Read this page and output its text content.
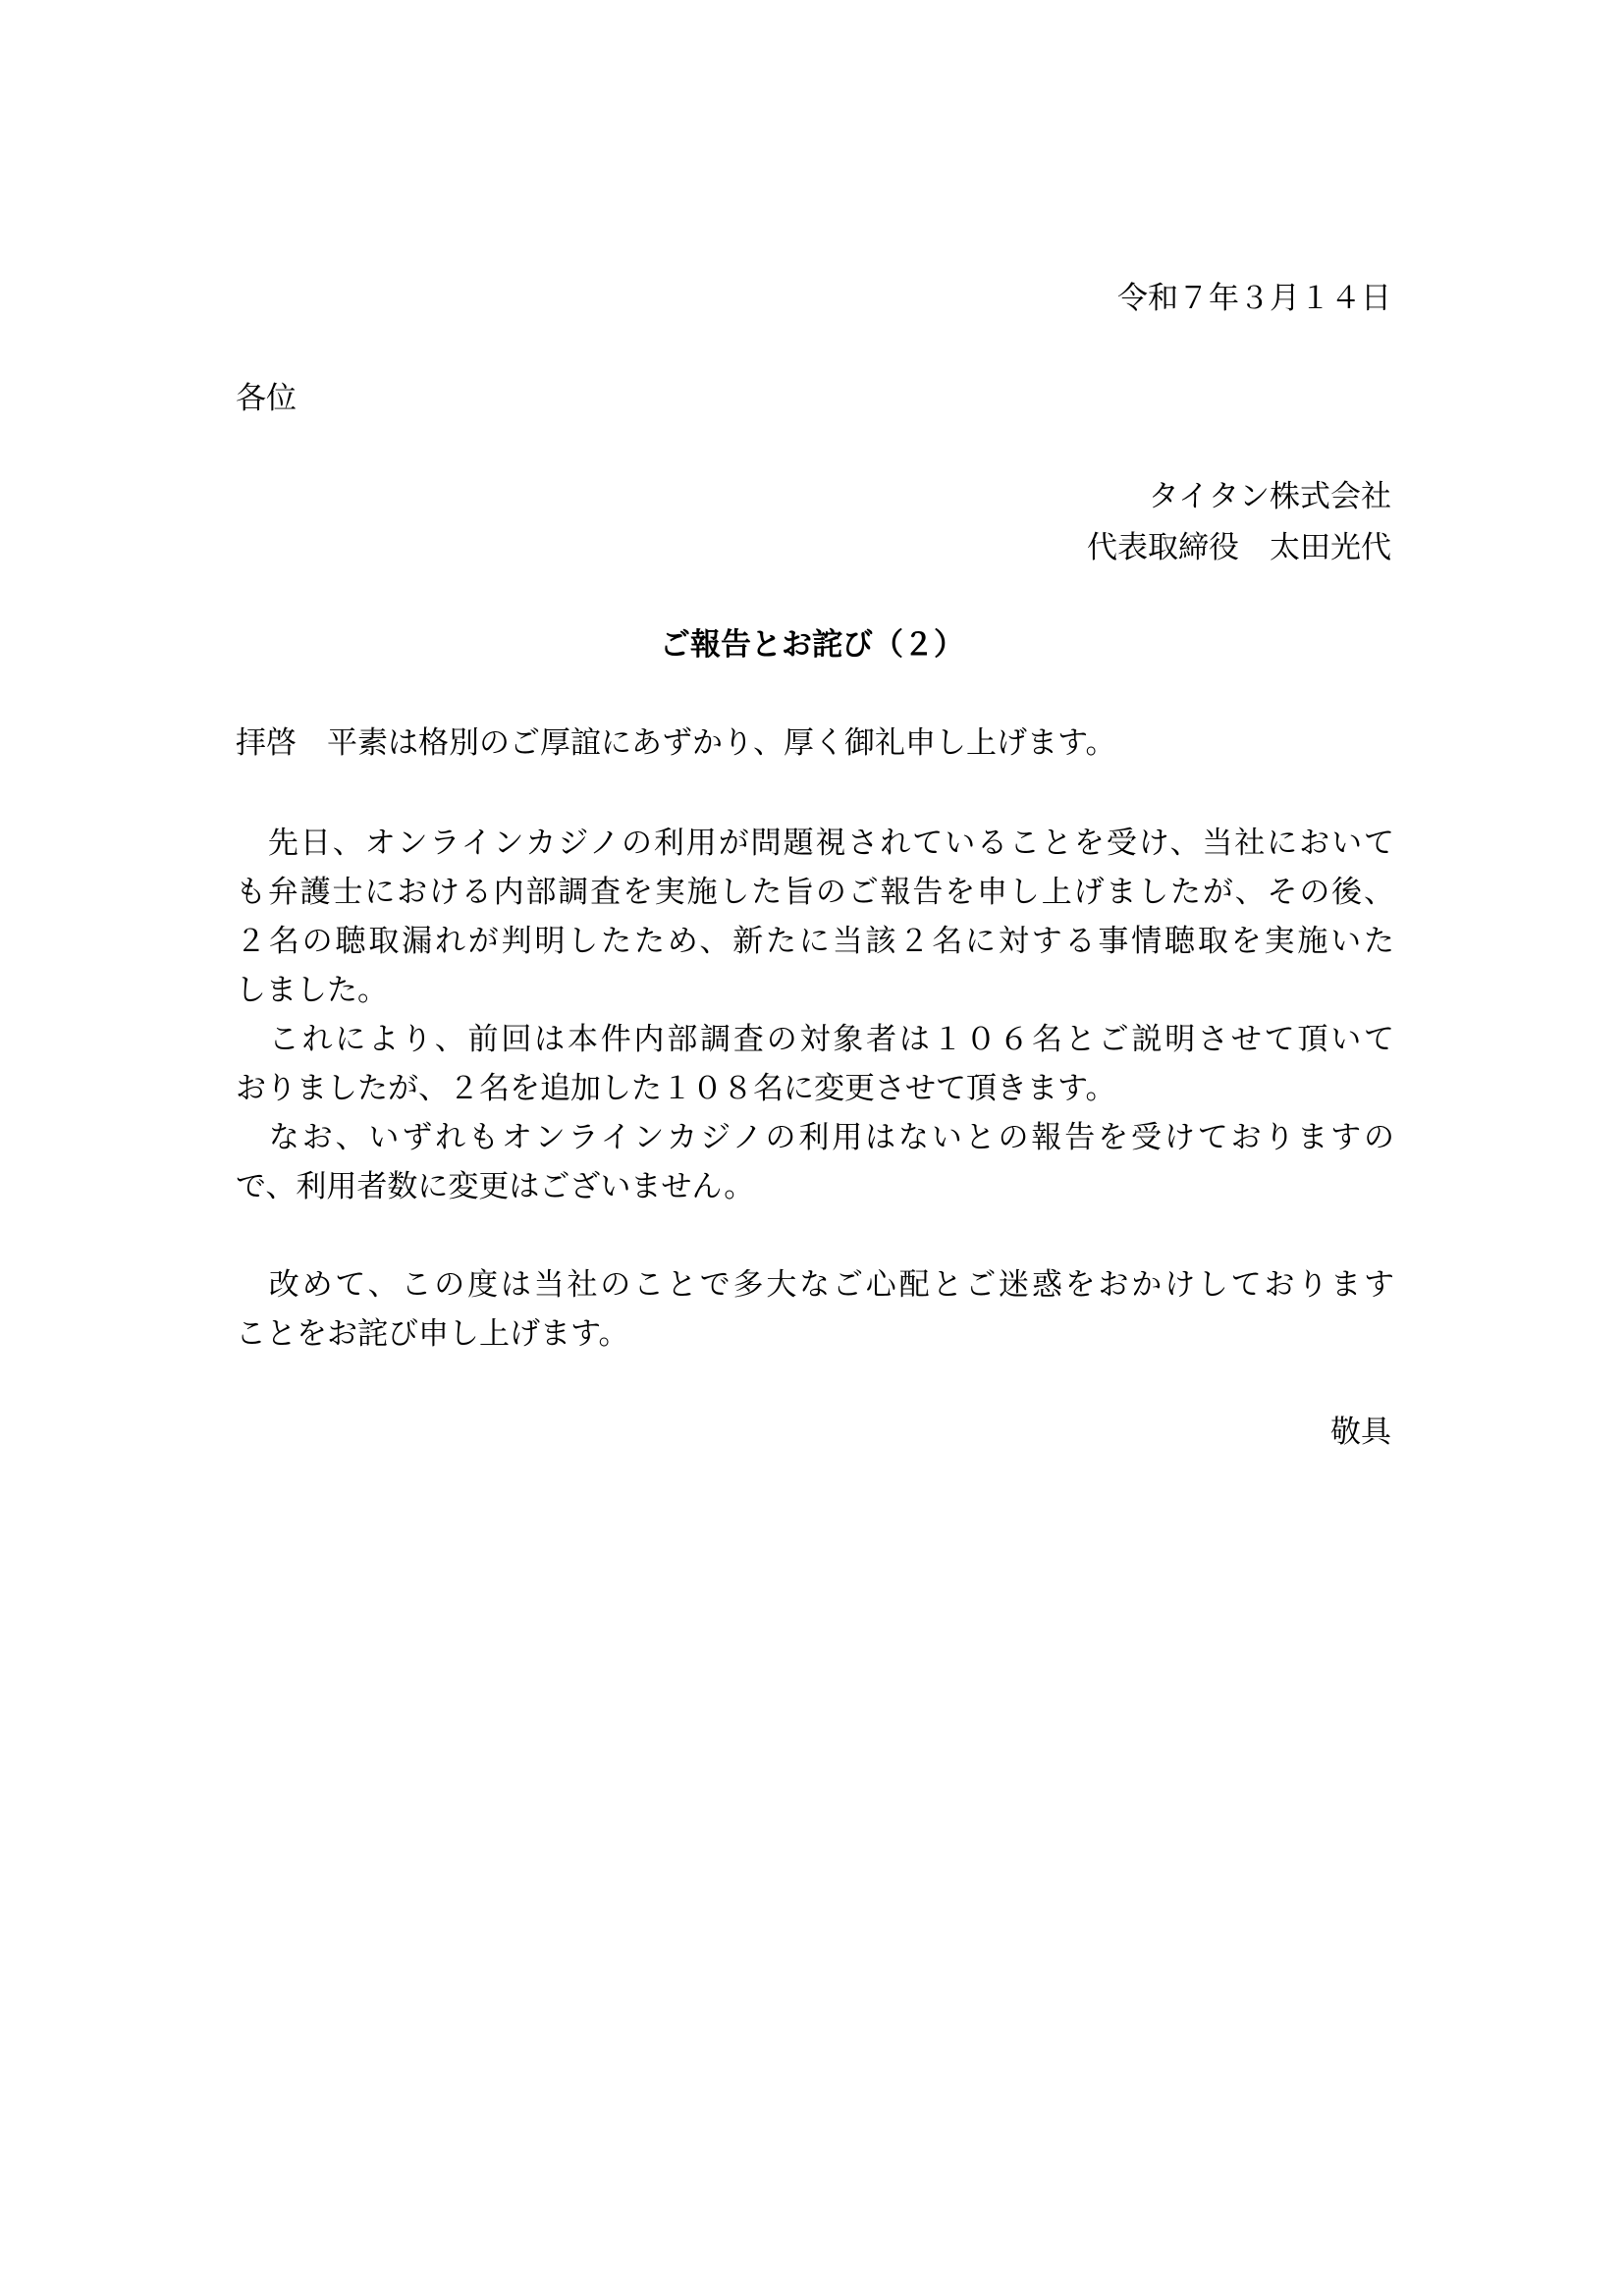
令和７年３月１４日

各位

タイタン株式会社

代表取締役　太田光代

ご報告とお詫び（２）

拝啓　平素は格別のご厚誼にあずかり、厚く御礼申し上げます。

　先日、オンラインカジノの利用が問題視されていることを受け、当社において

も弁護士における内部調査を実施した旨のご報告を申し上げましたが、その後、

２名の聴取漏れが判明したため、新たに当該２名に対する事情聴取を実施いた

しました。

　これにより、前回は本件内部調査の対象者は１０６名とご説明させて頂いて

おりましたが、２名を追加した１０８名に変更させて頂きます。

　なお、いずれもオンラインカジノの利用はないとの報告を受けておりますの

で、利用者数に変更はございません。

　改めて、この度は当社のことで多大なご心配とご迷惑をおかけしております

ことをお詫び申し上げます。

敬具
